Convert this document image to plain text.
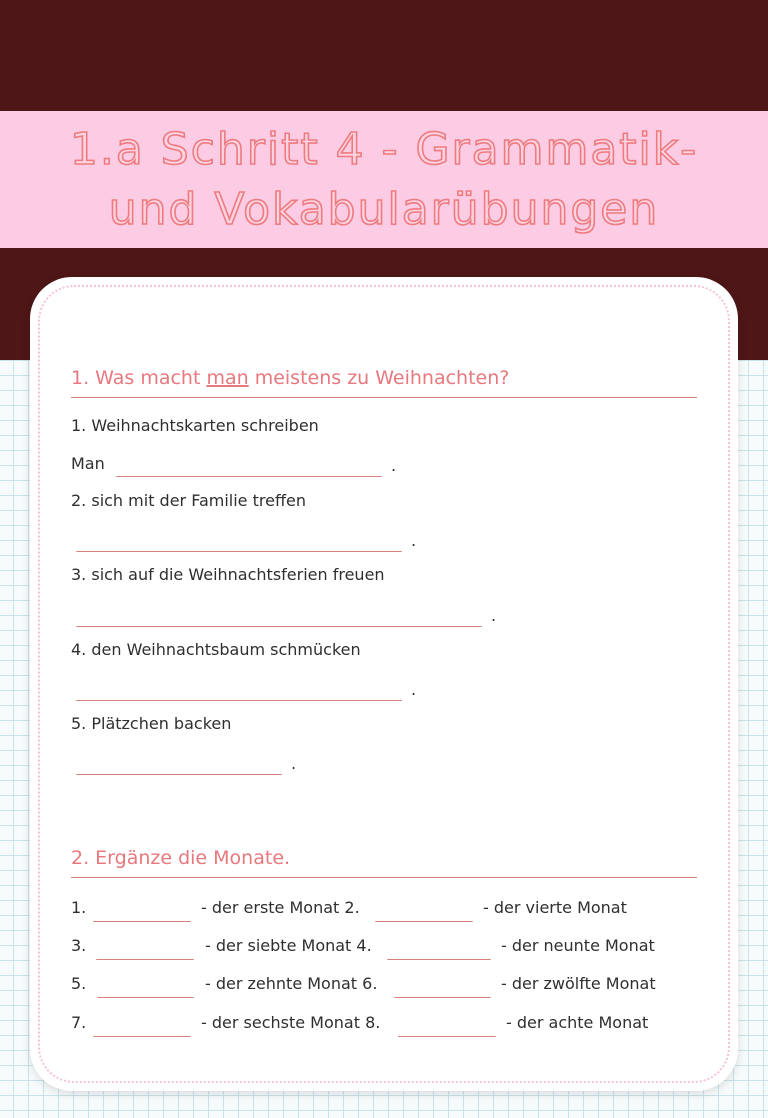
1.a Schritt 4 - Grammatik-
und Vokabularübungen
1. Was macht man meistens zu Weihnachten?
1. Weihnachtskarten schreiben
Man	.
2. sich mit der Familie treffen
.
3. sich auf die Weihnachtsferien freuen
.
4. den Weihnachtsbaum schmücken
.
5. Plätzchen backen
.
2. Ergänze die Monate.
1.	- der erste Monat 2.	- der vierte Monat
3.	- der siebte Monat 4.	- der neunte Monat
5.	- der zehnte Monat 6.	- der zwölfte Monat
7.	- der sechste Monat 8.	- der achte Monat
